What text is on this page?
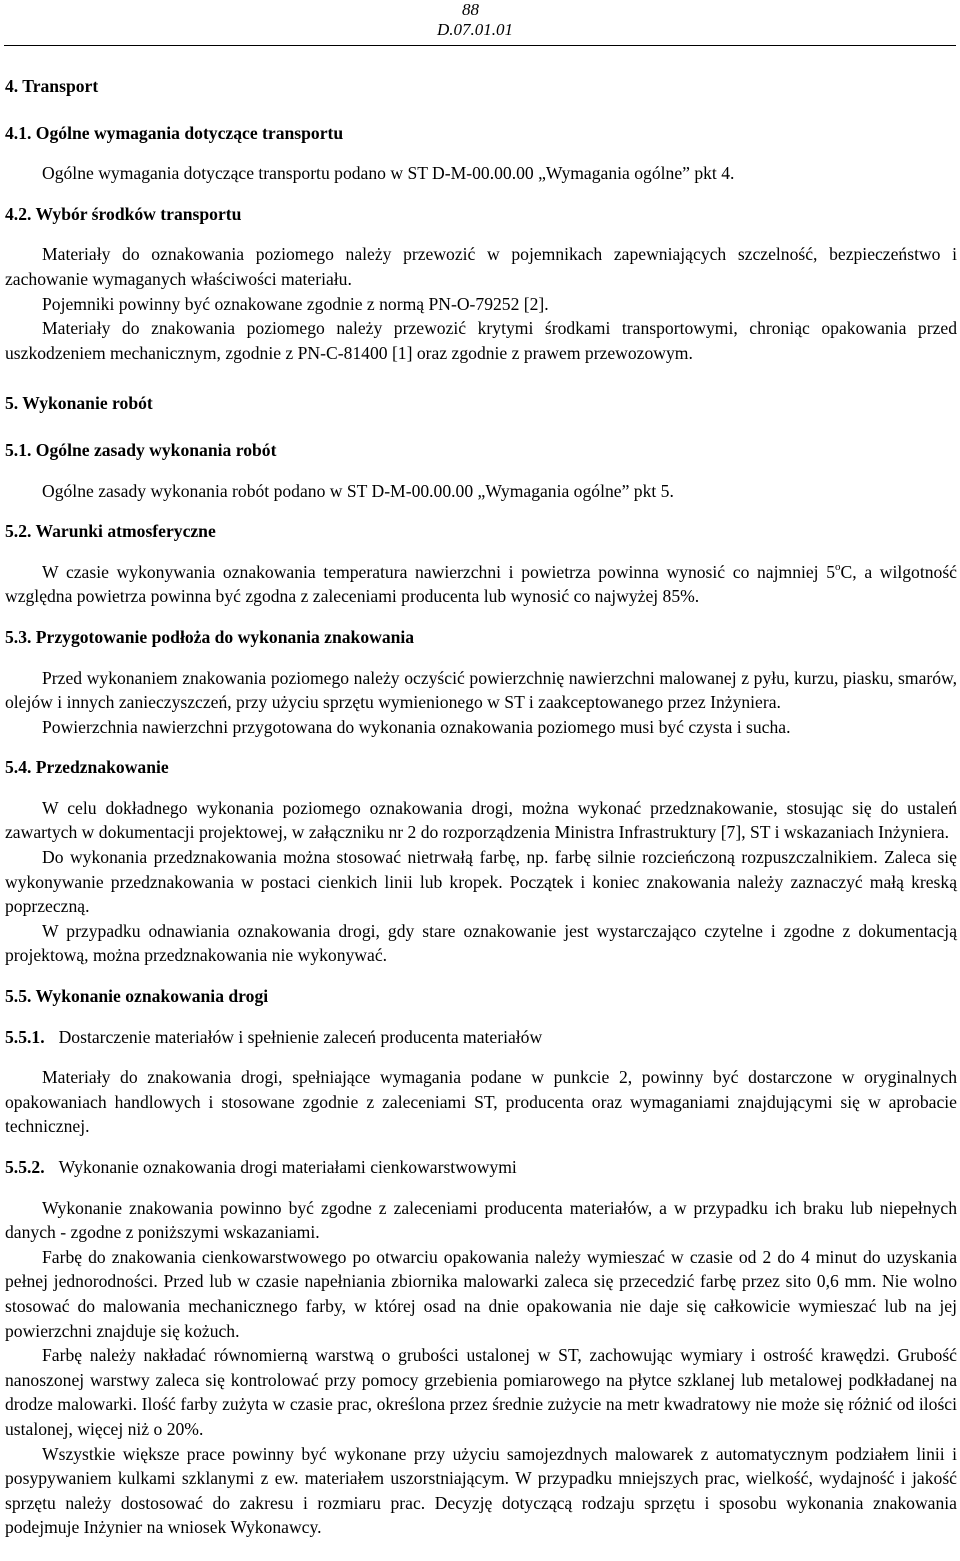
88
D.07.01.01

4. Transport

4.1. Ogólne wymagania dotyczące transportu

Ogólne wymagania dotyczące transportu podano w ST D-M-00.00.00 „Wymagania ogólne” pkt 4.

4.2. Wybór środków transportu

Materiały do oznakowania poziomego należy przewozić w pojemnikach zapewniających szczelność, bezpieczeństwo i zachowanie wymaganych właściwości materiału.

Pojemniki powinny być oznakowane zgodnie z normą PN-O-79252 [2].

Materiały do znakowania poziomego należy przewozić krytymi środkami transportowymi, chroniąc opakowania przed uszkodzeniem mechanicznym, zgodnie z PN-C-81400 [1] oraz zgodnie z prawem przewozowym.

5. Wykonanie robót

5.1. Ogólne zasady wykonania robót

Ogólne zasady wykonania robót podano w ST D-M-00.00.00 „Wymagania ogólne” pkt 5.

5.2. Warunki atmosferyczne

W czasie wykonywania oznakowania temperatura nawierzchni i powietrza powinna wynosić co najmniej 5$^o$C, a wilgotność względna powietrza powinna być zgodna z zaleceniami producenta lub wynosić co najwyżej 85%.

5.3. Przygotowanie podłoża do wykonania znakowania

Przed wykonaniem znakowania poziomego należy oczyścić powierzchnię nawierzchni malowanej z pyłu, kurzu, piasku, smarów, olejów i innych zanieczyszczeń, przy użyciu sprzętu wymienionego w ST i zaakceptowanego przez Inżyniera.

Powierzchnia nawierzchni przygotowana do wykonania oznakowania poziomego musi być czysta i sucha.

5.4. Przedznakowanie

W celu dokładnego wykonania poziomego oznakowania drogi, można wykonać przedznakowanie, stosując się do ustaleń zawartych w dokumentacji projektowej, w załączniku nr 2 do rozporządzenia Ministra Infrastruktury [7], ST i wskazaniach Inżyniera.

Do wykonania przedznakowania można stosować nietrwałą farbę, np. farbę silnie rozcieńczoną rozpuszczalnikiem. Zaleca się wykonywanie przedznakowania w postaci cienkich linii lub kropek. Początek i koniec znakowania należy zaznaczyć małą kreską poprzeczną.

W przypadku odnawiania oznakowania drogi, gdy stare oznakowanie jest wystarczająco czytelne i zgodne z dokumentacją projektową, można przedznakowania nie wykonywać.

5.5. Wykonanie oznakowania drogi

5.5.1. Dostarczenie materiałów i spełnienie zaleceń producenta materiałów

Materiały do znakowania drogi, spełniające wymagania podane w punkcie 2, powinny być dostarczone w oryginalnych opakowaniach handlowych i stosowane zgodnie z zaleceniami ST, producenta oraz wymaganiami znajdującymi się w aprobacie technicznej.

5.5.2. Wykonanie oznakowania drogi materiałami cienkowarstwowymi

Wykonanie znakowania powinno być zgodne z zaleceniami producenta materiałów, a w przypadku ich braku lub niepełnych danych - zgodne z poniższymi wskazaniami.

Farbę do znakowania cienkowarstwowego po otwarciu opakowania należy wymieszać w czasie od 2 do 4 minut do uzyskania pełnej jednorodności. Przed lub w czasie napełniania zbiornika malowarki zaleca się przecedzić farbę przez sito 0,6 mm. Nie wolno stosować do malowania mechanicznego farby, w której osad na dnie opakowania nie daje się całkowicie wymieszać lub na jej powierzchni znajduje się kożuch.

Farbę należy nakładać równomierną warstwą o grubości ustalonej w ST, zachowując wymiary i ostrość krawędzi. Grubość nanoszonej warstwy zaleca się kontrolować przy pomocy grzebienia pomiarowego na płytce szklanej lub metalowej podkładanej na drodze malowarki. Ilość farby zużyta w czasie prac, określona przez średnie zużycie na metr kwadratowy nie może się różnić od ilości ustalonej, więcej niż o 20%.

Wszystkie większe prace powinny być wykonane przy użyciu samojezdnych malowarek z automatycznym podziałem linii i posypywaniem kulkami szklanymi z ew. materiałem uszorstniającym. W przypadku mniejszych prac, wielkość, wydajność i jakość sprzętu należy dostosować do zakresu i rozmiaru prac. Decyzję dotyczącą rodzaju sprzętu i sposobu wykonania znakowania podejmuje Inżynier na wniosek Wykonawcy.
